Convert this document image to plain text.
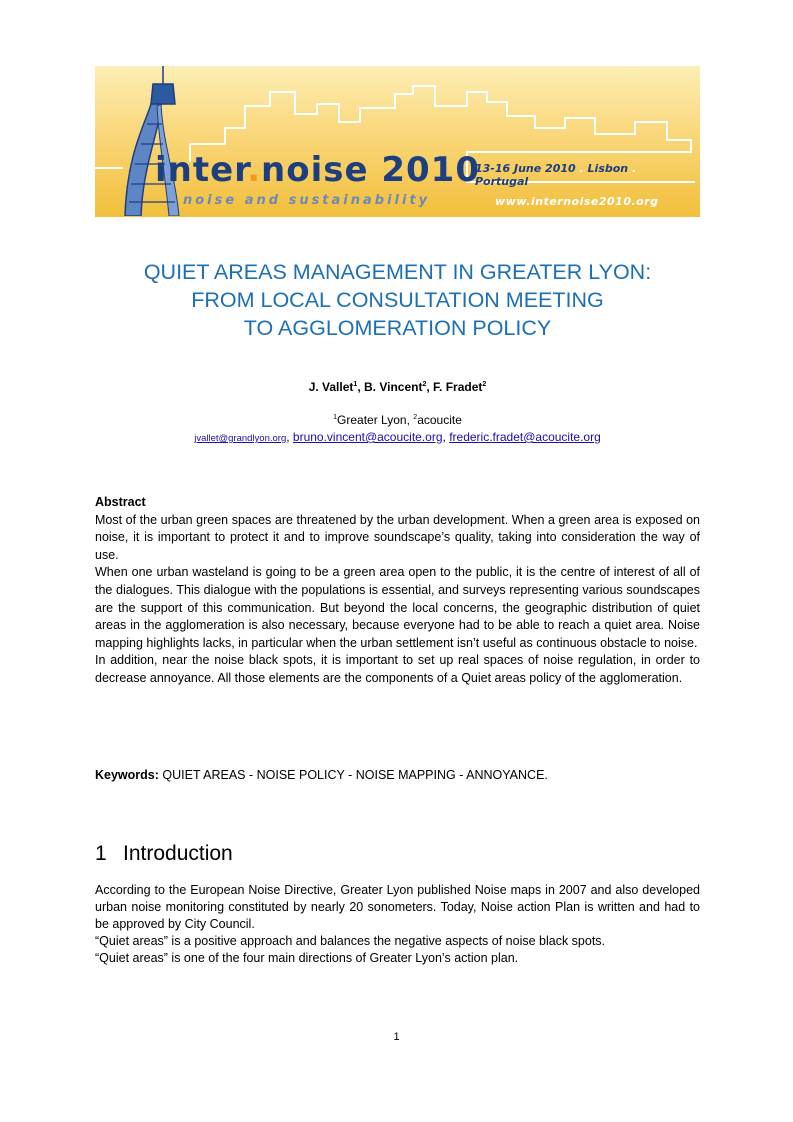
inter.noise 2010
noise and sustainability
13-16 June 2010 . Lisbon . Portugal
www.internoise2010.org
QUIET AREAS MANAGEMENT IN GREATER LYON:
FROM LOCAL CONSULTATION MEETING
TO AGGLOMERATION POLICY
J. Vallet$^1$, B. Vincent$^2$, F. Fradet$^2$
$^1$Greater Lyon, $^2$acoucite
jvallet@grandlyon.org, bruno.vincent@acoucite.org, frederic.fradet@acoucite.org
Abstract
Most of the urban green spaces are threatened by the urban development. When a green area is exposed on noise, it is important to protect it and to improve soundscape’s quality, taking into consideration the way of use.
When one urban wasteland is going to be a green area open to the public, it is the centre of interest of all of the dialogues. This dialogue with the populations is essential, and surveys representing various soundscapes are the support of this communication. But beyond the local concerns, the geographic distribution of quiet areas in the agglomeration is also necessary, because everyone had to be able to reach a quiet area. Noise mapping highlights lacks, in particular when the urban settlement isn’t useful as continuous obstacle to noise.
In addition, near the noise black spots, it is important to set up real spaces of noise regulation, in order to decrease annoyance. All those elements are the components of a Quiet areas policy of the agglomeration.
Keywords: QUIET AREAS - NOISE POLICY - NOISE MAPPING - ANNOYANCE.
1 Introduction
According to the European Noise Directive, Greater Lyon published Noise maps in 2007 and also developed urban noise monitoring constituted by nearly 20 sonometers. Today, Noise action Plan is written and had to be approved by City Council.
“Quiet areas” is a positive approach and balances the negative aspects of noise black spots.
“Quiet areas” is one of the four main directions of Greater Lyon’s action plan.
1
